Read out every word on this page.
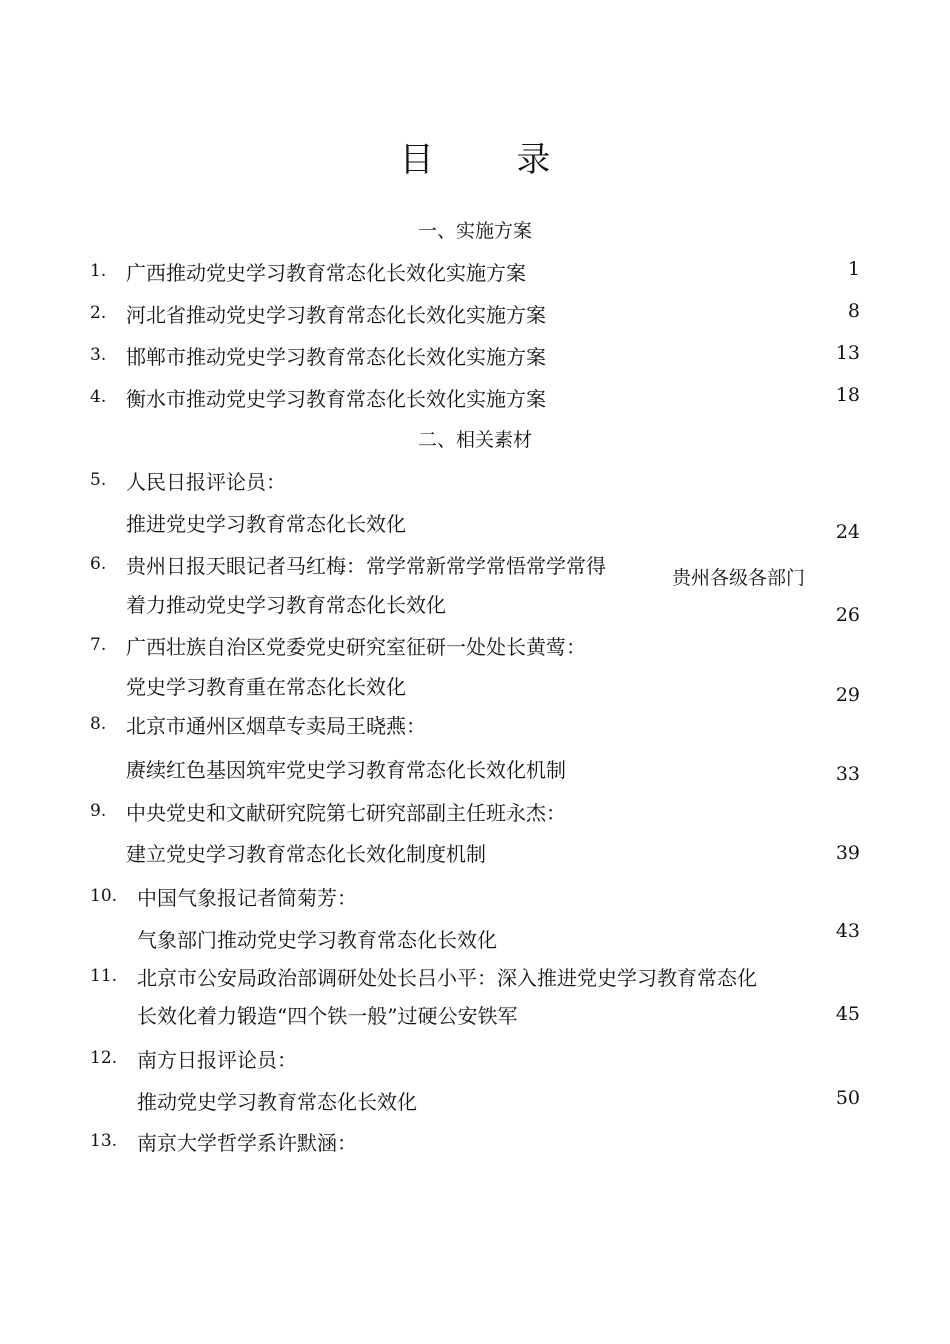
目 录
一、实施方案
1. 广西推动党史学习教育常态化长效化实施方案	1
2. 河北省推动党史学习教育常态化长效化实施方案	8
3. 邯郸市推动党史学习教育常态化长效化实施方案	13
4. 衡水市推动党史学习教育常态化长效化实施方案	18
二、相关素材
5. 人民日报评论员：
推进党史学习教育常态化长效化	24
6. 贵州日报天眼记者马红梅：常学常新常学常悟常学常得
着力推动党史学习教育常态化长效化	26
贵州各级各部门
7. 广西壮族自治区党委党史研究室征研一处处长黄莺：
党史学习教育重在常态化长效化	29
8. 北京市通州区烟草专卖局王晓燕：
赓续红色基因筑牢党史学习教育常态化长效化机制	33
9. 中央党史和文献研究院第七研究部副主任班永杰：
建立党史学习教育常态化长效化制度机制	39
10. 中国气象报记者简菊芳：
气象部门推动党史学习教育常态化长效化	43
11. 北京市公安局政治部调研处处长吕小平：深入推进党史学习教育常态化
长效化着力锻造“四个铁一般”过硬公安铁军	45
12. 南方日报评论员：
推动党史学习教育常态化长效化	50
13. 南京大学哲学系许默涵：
